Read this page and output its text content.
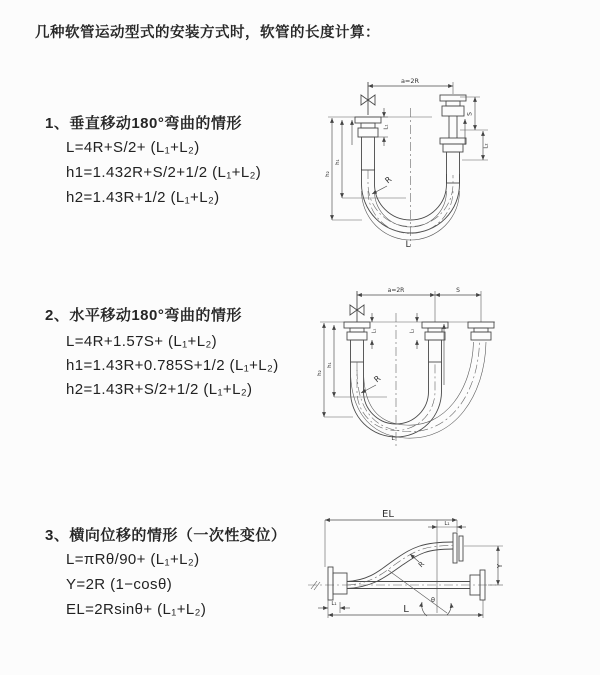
几种软管运动型式的安装方式时，软管的长度计算：
1、垂直移动180°弯曲的情形
L=4R+S/2+ (L₁+L₂)
h1=1.432R+S/2+1/2 (L₁+L₂)
h2=1.43R+1/2 (L₁+L₂)
a=2R
L₁
S
L₂
h₂
h₁
R
L
2、水平移动180°弯曲的情形
L=4R+1.57S+ (L₁+L₂)
h1=1.43R+0.785S+1/2 (L₁+L₂)
h2=1.43R+S/2+1/2 (L₁+L₂)
a=2R	S
L₁	L₂
h₂
h₁
R
L
3、横向位移的情形（一次性变位）
L=πRθ/90+ (L₁+L₂)
Y=2R (1−cosθ)
EL=2Rsinθ+ (L₁+L₂)
EL
L₁
Y
R
θ
L
L₁
